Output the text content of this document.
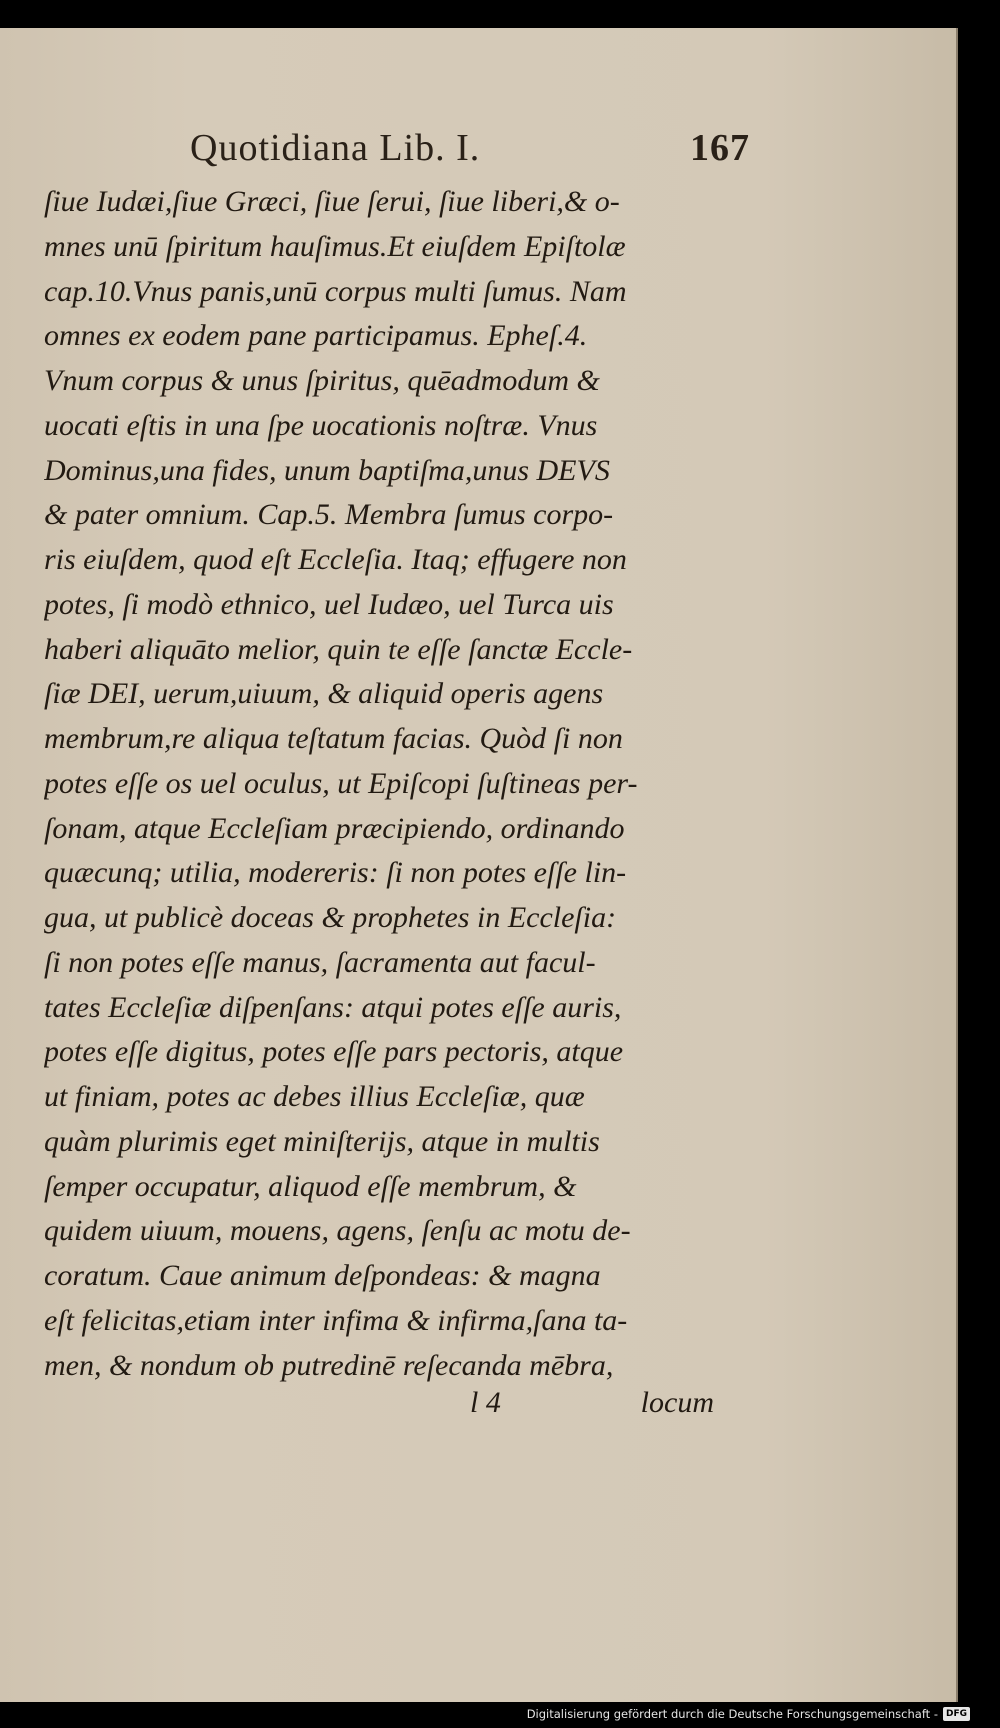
Quotidiana Lib. I.	167
ſiue Iudæi,ſiue Græci, ſiue ſerui, ſiue liberi,& o-
mnes unū ſpiritum hauſimus.Et eiuſdem Epiſtolæ
cap.10.Vnus panis,unū corpus multi ſumus. Nam
omnes ex eodem pane participamus. Epheſ.4.
Vnum corpus & unus ſpiritus, quēadmodum &
uocati eſtis in una ſpe uocationis noſtræ. Vnus
Dominus,una fides, unum baptiſma,unus DEVS
& pater omnium. Cap.5. Membra ſumus corpo-
ris eiuſdem, quod eſt Eccleſia. Itaq; effugere non
potes, ſi modò ethnico, uel Iudæo, uel Turca uis
haberi aliquāto melior, quin te eſſe ſanctæ Eccle-
ſiæ DEI, uerum,uiuum, & aliquid operis agens
membrum,re aliqua teſtatum facias. Quòd ſi non
potes eſſe os uel oculus, ut Epiſcopi ſuſtineas per-
ſonam, atque Eccleſiam præcipiendo, ordinando
quæcunq; utilia, modereris: ſi non potes eſſe lin-
gua, ut publicè doceas & prophetes in Eccleſia:
ſi non potes eſſe manus, ſacramenta aut facul-
tates Eccleſiæ diſpenſans: atqui potes eſſe auris,
potes eſſe digitus, potes eſſe pars pectoris, atque
ut finiam, potes ac debes illius Eccleſiæ, quæ
quàm plurimis eget miniſterijs, atque in multis
ſemper occupatur, aliquod eſſe membrum, &
quidem uiuum, mouens, agens, ſenſu ac motu de-
coratum. Caue animum deſpondeas: & magna
eſt felicitas,etiam inter infima & infirma,ſana ta-
men, & nondum ob putredinē reſecanda mēbra,
l 4	locum
Digitalisierung gefördert durch die Deutsche Forschungsgemeinschaft - DFG
